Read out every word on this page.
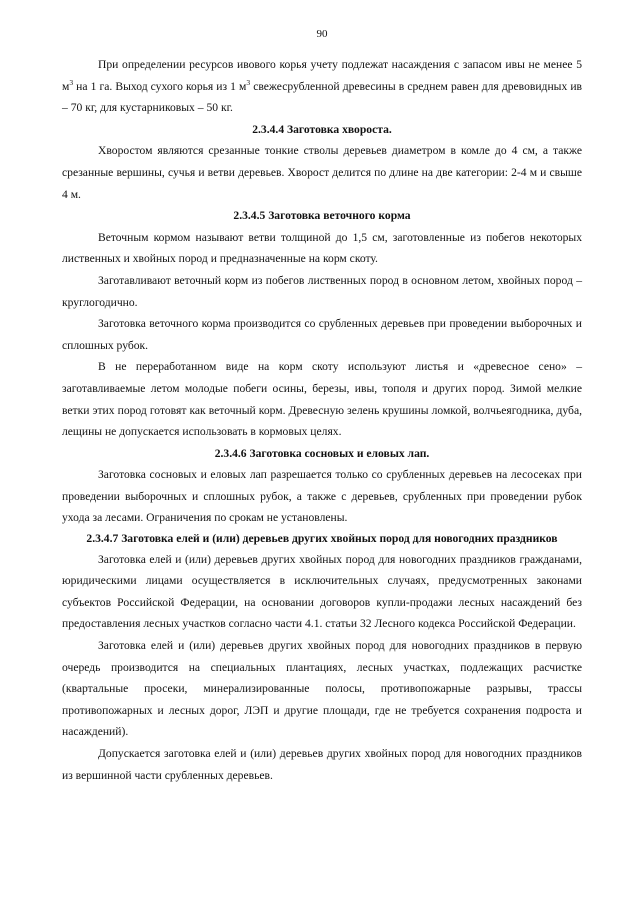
90

При определении ресурсов ивового корья учету подлежат насаждения с запасом ивы не менее 5 $м^3$ на 1 га. Выход сухого корья из 1 $м^3$ свежесрубленной древесины в среднем равен для древовидных ив – 70 кг, для кустарниковых – 50 кг.

2.3.4.4 Заготовка хвороста.

Хворостом являются срезанные тонкие стволы деревьев диаметром в комле до 4 см, а также срезанные вершины, сучья и ветви деревьев. Хворост делится по длине на две категории: 2-4 м и свыше 4 м.

2.3.4.5 Заготовка веточного корма

Веточным кормом называют ветви толщиной до 1,5 см, заготовленные из побегов некоторых лиственных и хвойных пород и предназначенные на корм скоту.

Заготавливают веточный корм из побегов лиственных пород в основном летом, хвойных пород – круглогодично.

Заготовка веточного корма производится со срубленных деревьев при проведении выборочных и сплошных рубок.

В не переработанном виде на корм скоту используют листья и «древесное сено» – заготавливаемые летом молодые побеги осины, березы, ивы, тополя и других пород. Зимой мелкие ветки этих пород готовят как веточный корм. Древесную зелень крушины ломкой, волчьеягодника, дуба, лещины не допускается использовать в кормовых целях.

2.3.4.6 Заготовка сосновых и еловых лап.

Заготовка сосновых и еловых лап разрешается только со срубленных деревьев на лесосеках при проведении выборочных и сплошных рубок, а также с деревьев, срубленных при проведении рубок ухода за лесами. Ограничения по срокам не установлены.

2.3.4.7 Заготовка елей и (или) деревьев других хвойных пород для новогодних праздников

Заготовка елей и (или) деревьев других хвойных пород для новогодних праздников гражданами, юридическими лицами осуществляется в исключительных случаях, предусмотренных законами субъектов Российской Федерации, на основании договоров купли-продажи лесных насаждений без предоставления лесных участков согласно части 4.1. статьи 32 Лесного кодекса Российской Федерации.

Заготовка елей и (или) деревьев других хвойных пород для новогодних праздников в первую очередь производится на специальных плантациях, лесных участках, подлежащих расчистке (квартальные просеки, минерализированные полосы, противопожарные разрывы, трассы противопожарных и лесных дорог, ЛЭП и другие площади, где не требуется сохранения подроста и насаждений).

Допускается заготовка елей и (или) деревьев других хвойных пород для новогодних праздников из вершинной части срубленных деревьев.
